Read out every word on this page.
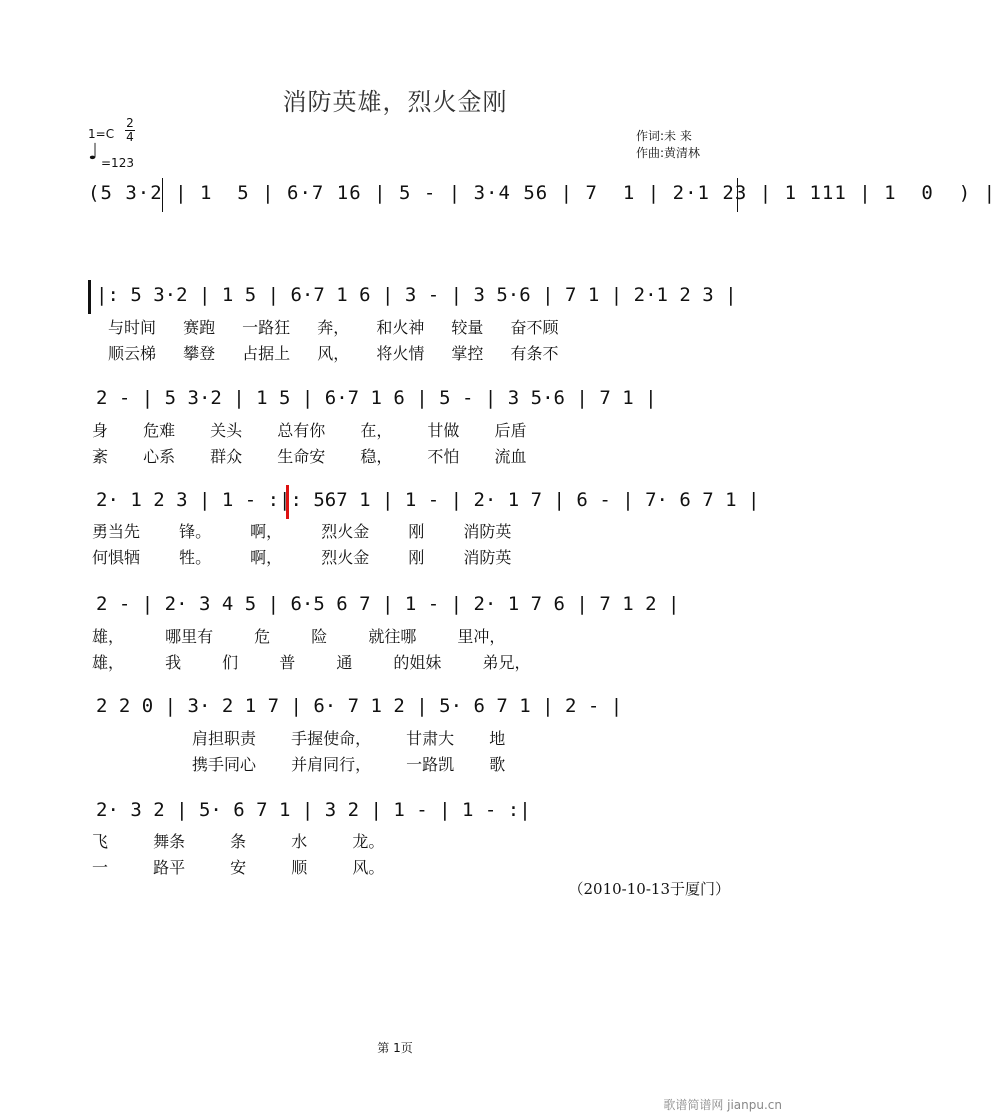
消防英雄，烈火金刚
1=C
2
4
♩ =123
作词:未 来
作曲:黄清林
(5 3·2 | 1  5 | 6·7 16 | 5 - | 3·4 56 | 7  1 | 2·1 23 | 1 111 | 1  0  ) |
|: 5 3·2 | 1 5 | 6·7 1 6 | 3 - | 3 5·6 | 7 1 | 2·1 2 3 |
与时间 赛跑 一路狂 奔， 和火神 较量 奋不顾
顺云梯 攀登 占据上 风， 将火情 掌控 有条不
2 - | 5 3·2 | 1 5 | 6·7 1 6 | 5 - | 3 5·6 | 7 1 |
身 危难 关头 总有你 在， 甘做 后盾
紊 心系 群众 生命安 稳， 不怕 流血
2· 1 2 3 | 1 - :|: 567 1 | 1 - | 2· 1 7 | 6 - | 7· 6 7 1 |
勇当先 锋。 啊， 烈火金 刚 消防英
何惧牺 牲。 啊， 烈火金 刚 消防英
2 - | 2· 3 4 5 | 6·5 6 7 | 1 - | 2· 1 7 6 | 7 1 2 |
雄， 哪里有 危 险 就往哪 里冲，
雄， 我 们 普 通 的姐妹 弟兄，
2 2 0 | 3· 2 1 7 | 6· 7 1 2 | 5· 6 7 1 | 2 - |
肩担职责 手握使命， 甘肃大 地
携手同心 并肩同行， 一路凯 歌
2· 3 2 | 5· 6 7 1 | 3 2 | 1 - | 1 - :|
飞 舞条 条 水 龙。
一 路平 安 顺 风。
（2010-10-13于厦门）
第 1页
歌谱简谱网 jianpu.cn
